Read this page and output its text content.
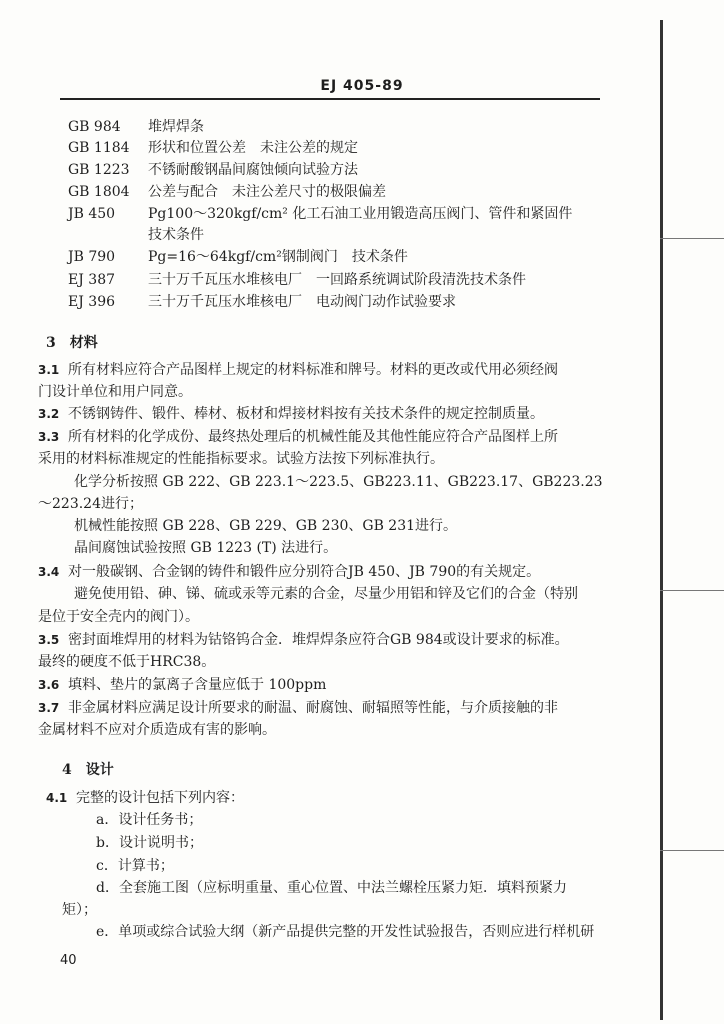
EJ 405-89
GB 984	堆焊焊条
GB 1184	形状和位置公差　未注公差的规定
GB 1223	不锈耐酸钢晶间腐蚀倾向试验方法
GB 1804	公差与配合　未注公差尺寸的极限偏差
JB 450	Pg100～320kgf/cm² 化工石油工业用锻造高压阀门、管件和紧固件
技术条件
JB 790	Pg=16～64kgf/cm²钢制阀门　技术条件
EJ 387	三十万千瓦压水堆核电厂　一回路系统调试阶段清洗技术条件
EJ 396	三十万千瓦压水堆核电厂　电动阀门动作试验要求
3　材料
3.1 所有材料应符合产品图样上规定的材料标准和牌号。材料的更改或代用必须经阀
门设计单位和用户同意。
3.2 不锈钢铸件、锻件、棒材、板材和焊接材料按有关技术条件的规定控制质量。
3.3 所有材料的化学成份、最终热处理后的机械性能及其他性能应符合产品图样上所
采用的材料标准规定的性能指标要求。试验方法按下列标准执行。
化学分析按照 GB 222、GB 223.1～223.5、GB223.11、GB223.17、GB223.23
～223.24进行；
机械性能按照 GB 228、GB 229、GB 230、GB 231进行。
晶间腐蚀试验按照 GB 1223 (T) 法进行。
3.4 对一般碳钢、合金钢的铸件和锻件应分别符合JB 450、JB 790的有关规定。
避免使用铅、砷、锑、硫或汞等元素的合金，尽量少用铝和锌及它们的合金（特别
是位于安全壳内的阀门）。
3.5 密封面堆焊用的材料为钴铬钨合金．堆焊焊条应符合GB 984或设计要求的标准。
最终的硬度不低于HRC38。
3.6 填料、垫片的氯离子含量应低于 100ppm
3.7 非金属材料应满足设计所要求的耐温、耐腐蚀、耐辐照等性能，与介质接触的非
金属材料不应对介质造成有害的影响。
4　设计
4.1 完整的设计包括下列内容：
a．设计任务书；
b．设计说明书；
c．计算书；
d．全套施工图（应标明重量、重心位置、中法兰螺栓压紧力矩．填料预紧力
矩）；
e．单项或综合试验大纲（新产品提供完整的开发性试验报告，否则应进行样机研
40
